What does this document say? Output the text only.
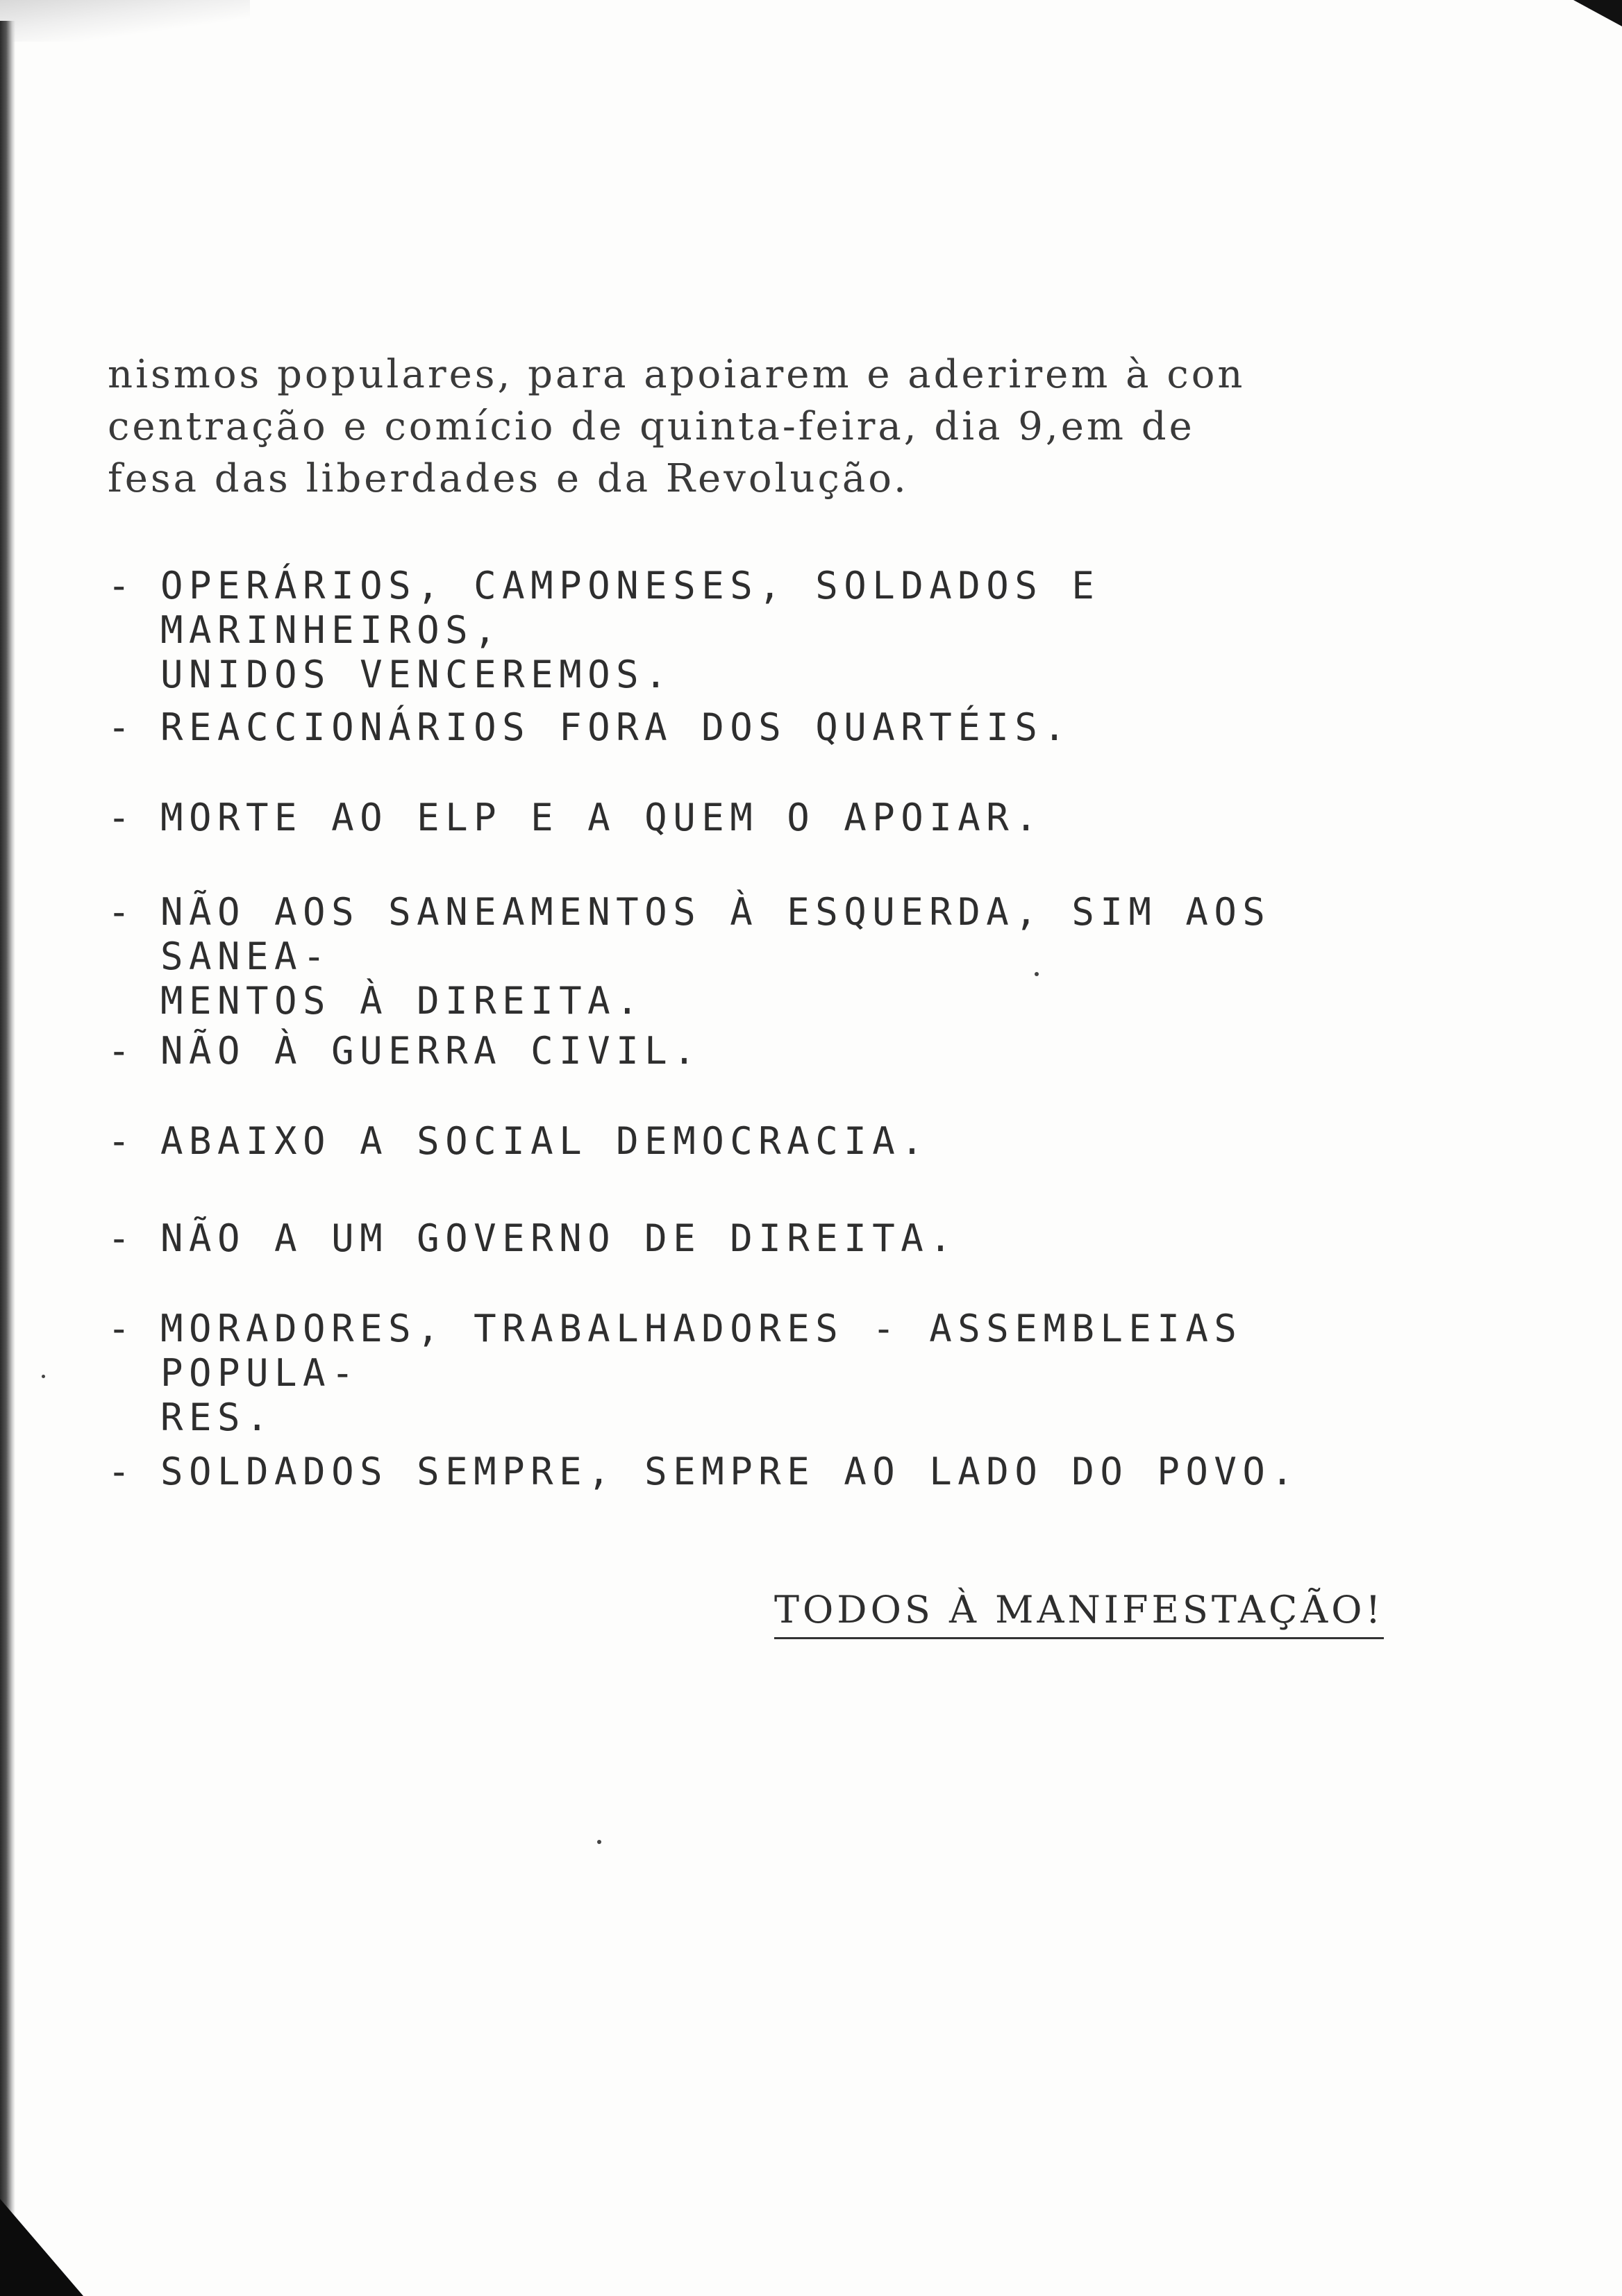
nismos populares, para apoiarem e aderirem à con
centração e comício de quinta-feira, dia 9,em de
fesa das liberdades e da Revolução.
- OPERÁRIOS, CAMPONESES, SOLDADOS E MARINHEIROS,
UNIDOS VENCEREMOS.
- REACCIONÁRIOS FORA DOS QUARTÉIS.
- MORTE AO ELP E A QUEM O APOIAR.
- NÃO AOS SANEAMENTOS À ESQUERDA, SIM AOS SANEA-
MENTOS À DIREITA.
- NÃO À GUERRA CIVIL.
- ABAIXO A SOCIAL DEMOCRACIA.
- NÃO A UM GOVERNO DE DIREITA.
- MORADORES, TRABALHADORES - ASSEMBLEIAS POPULA-
RES.
- SOLDADOS SEMPRE, SEMPRE AO LADO DO POVO.
TODOS À MANIFESTAÇÃO!
